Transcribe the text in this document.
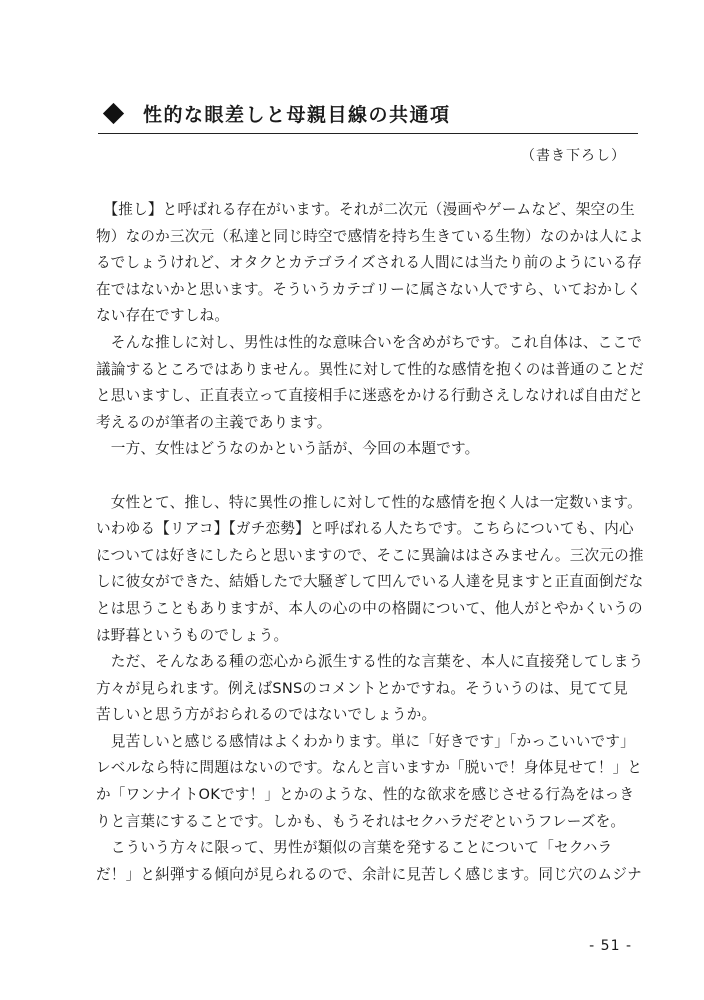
性的な眼差しと母親目線の共通項
（書き下ろし）
　【推し】と呼ばれる存在がいます。それが二次元（漫画やゲームなど、架空の生
物）なのか三次元（私達と同じ時空で感情を持ち生きている生物）なのかは人によ
るでしょうけれど、オタクとカテゴライズされる人間には当たり前のようにいる存
在ではないかと思います。そういうカテゴリーに属さない人ですら、いておかしく
ない存在ですしね。
　そんな推しに対し、男性は性的な意味合いを含めがちです。これ自体は、ここで
議論するところではありません。異性に対して性的な感情を抱くのは普通のことだ
と思いますし、正直表立って直接相手に迷惑をかける行動さえしなければ自由だと
考えるのが筆者の主義であります。
　一方、女性はどうなのかという話が、今回の本題です。
　女性とて、推し、特に異性の推しに対して性的な感情を抱く人は一定数います。
いわゆる【リアコ】【ガチ恋勢】と呼ばれる人たちです。こちらについても、内心
については好きにしたらと思いますので、そこに異論ははさみません。三次元の推
しに彼女ができた、結婚したで大騒ぎして凹んでいる人達を見ますと正直面倒だな
とは思うこともありますが、本人の心の中の格闘について、他人がとやかくいうの
は野暮というものでしょう。
　ただ、そんなある種の恋心から派生する性的な言葉を、本人に直接発してしまう
方々が見られます。例えばSNSのコメントとかですね。そういうのは、見てて見
苦しいと思う方がおられるのではないでしょうか。
　見苦しいと感じる感情はよくわかります。単に「好きです」「かっこいいです」
レベルなら特に問題はないのです。なんと言いますか「脱いで！身体見せて！」と
か「ワンナイトOKです！」とかのような、性的な欲求を感じさせる行為をはっき
りと言葉にすることです。しかも、もうそれはセクハラだぞというフレーズを。
　こういう方々に限って、男性が類似の言葉を発することについて「セクハラ
だ！」と糾弾する傾向が見られるので、余計に見苦しく感じます。同じ穴のムジナ
- 51 -
